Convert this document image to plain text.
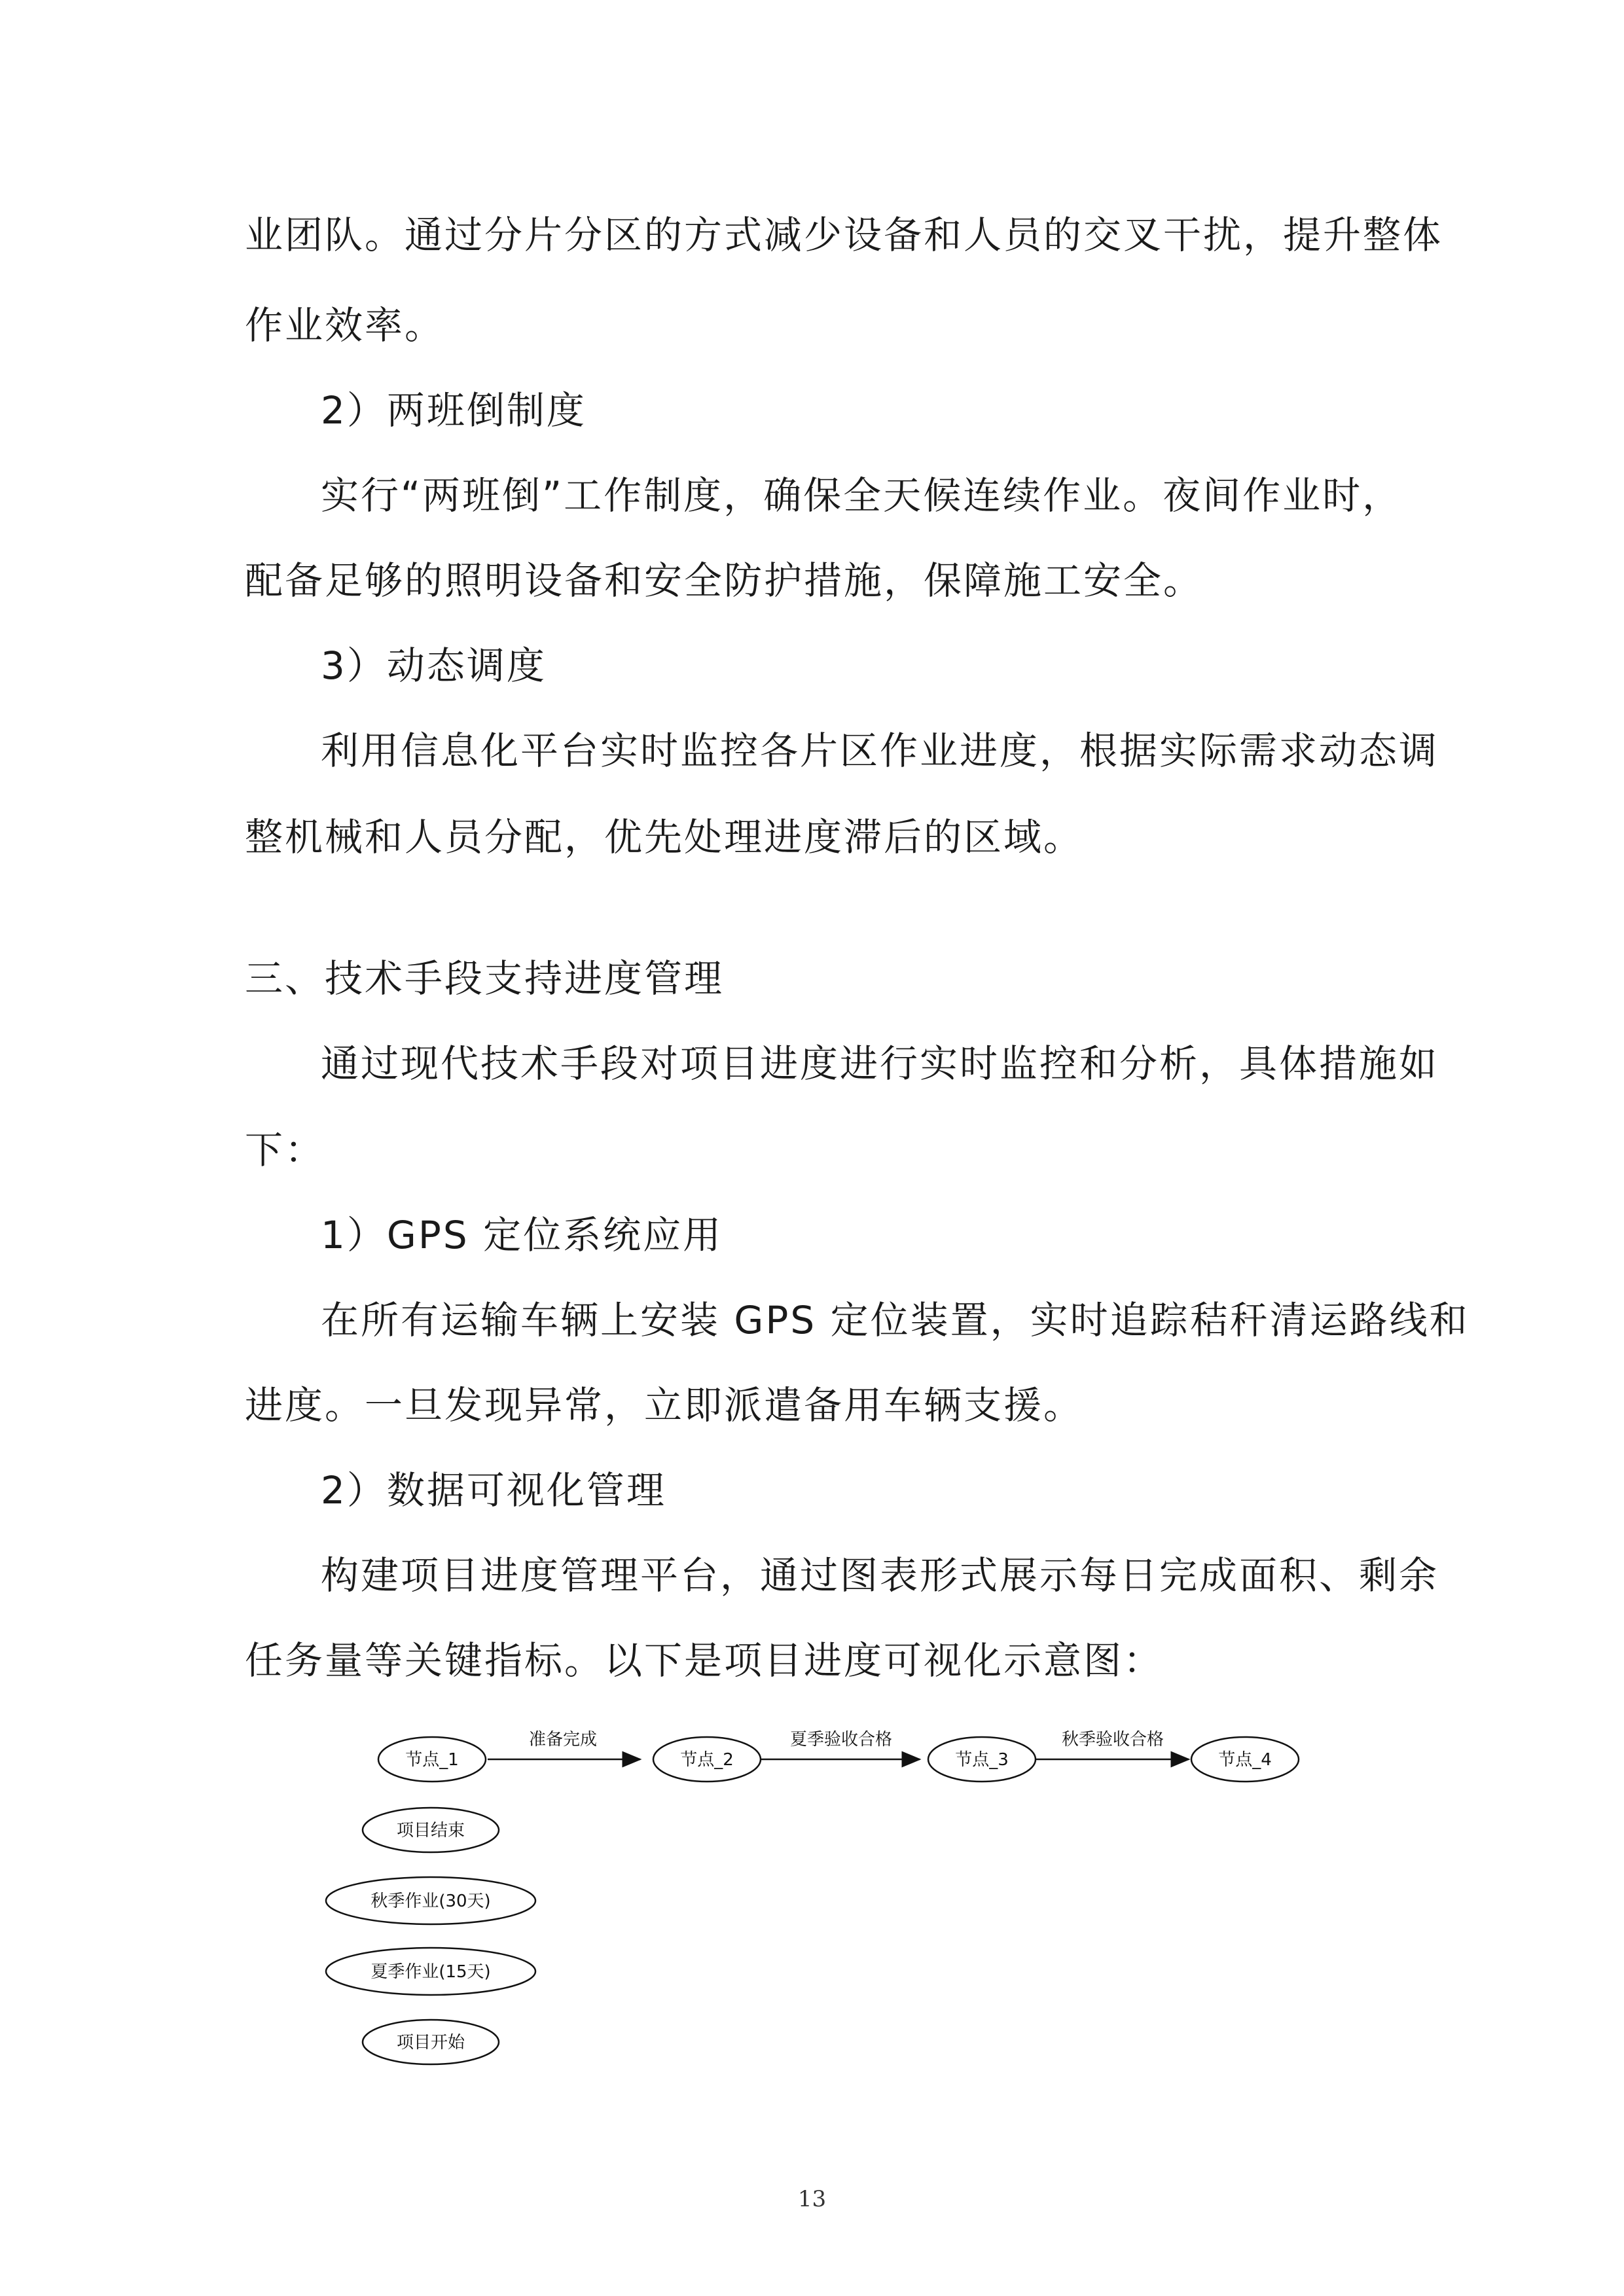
业团队。通过分片分区的方式减少设备和人员的交叉干扰，提升整体
作业效率。
2）两班倒制度
实行“两班倒”工作制度，确保全天候连续作业。夜间作业时，
配备足够的照明设备和安全防护措施，保障施工安全。
3）动态调度
利用信息化平台实时监控各片区作业进度，根据实际需求动态调
整机械和人员分配，优先处理进度滞后的区域。
三、技术手段支持进度管理
通过现代技术手段对项目进度进行实时监控和分析，具体措施如
下：
1）GPS 定位系统应用
在所有运输车辆上安装 GPS 定位装置，实时追踪秸秆清运路线和
进度。一旦发现异常，立即派遣备用车辆支援。
2）数据可视化管理
构建项目进度管理平台，通过图表形式展示每日完成面积、剩余
任务量等关键指标。以下是项目进度可视化示意图：
准备完成	夏季验收合格	秋季验收合格
节点_1	节点_2	节点_3	节点_4
项目结束
秋季作业(30天)
夏季作业(15天)
项目开始
13
